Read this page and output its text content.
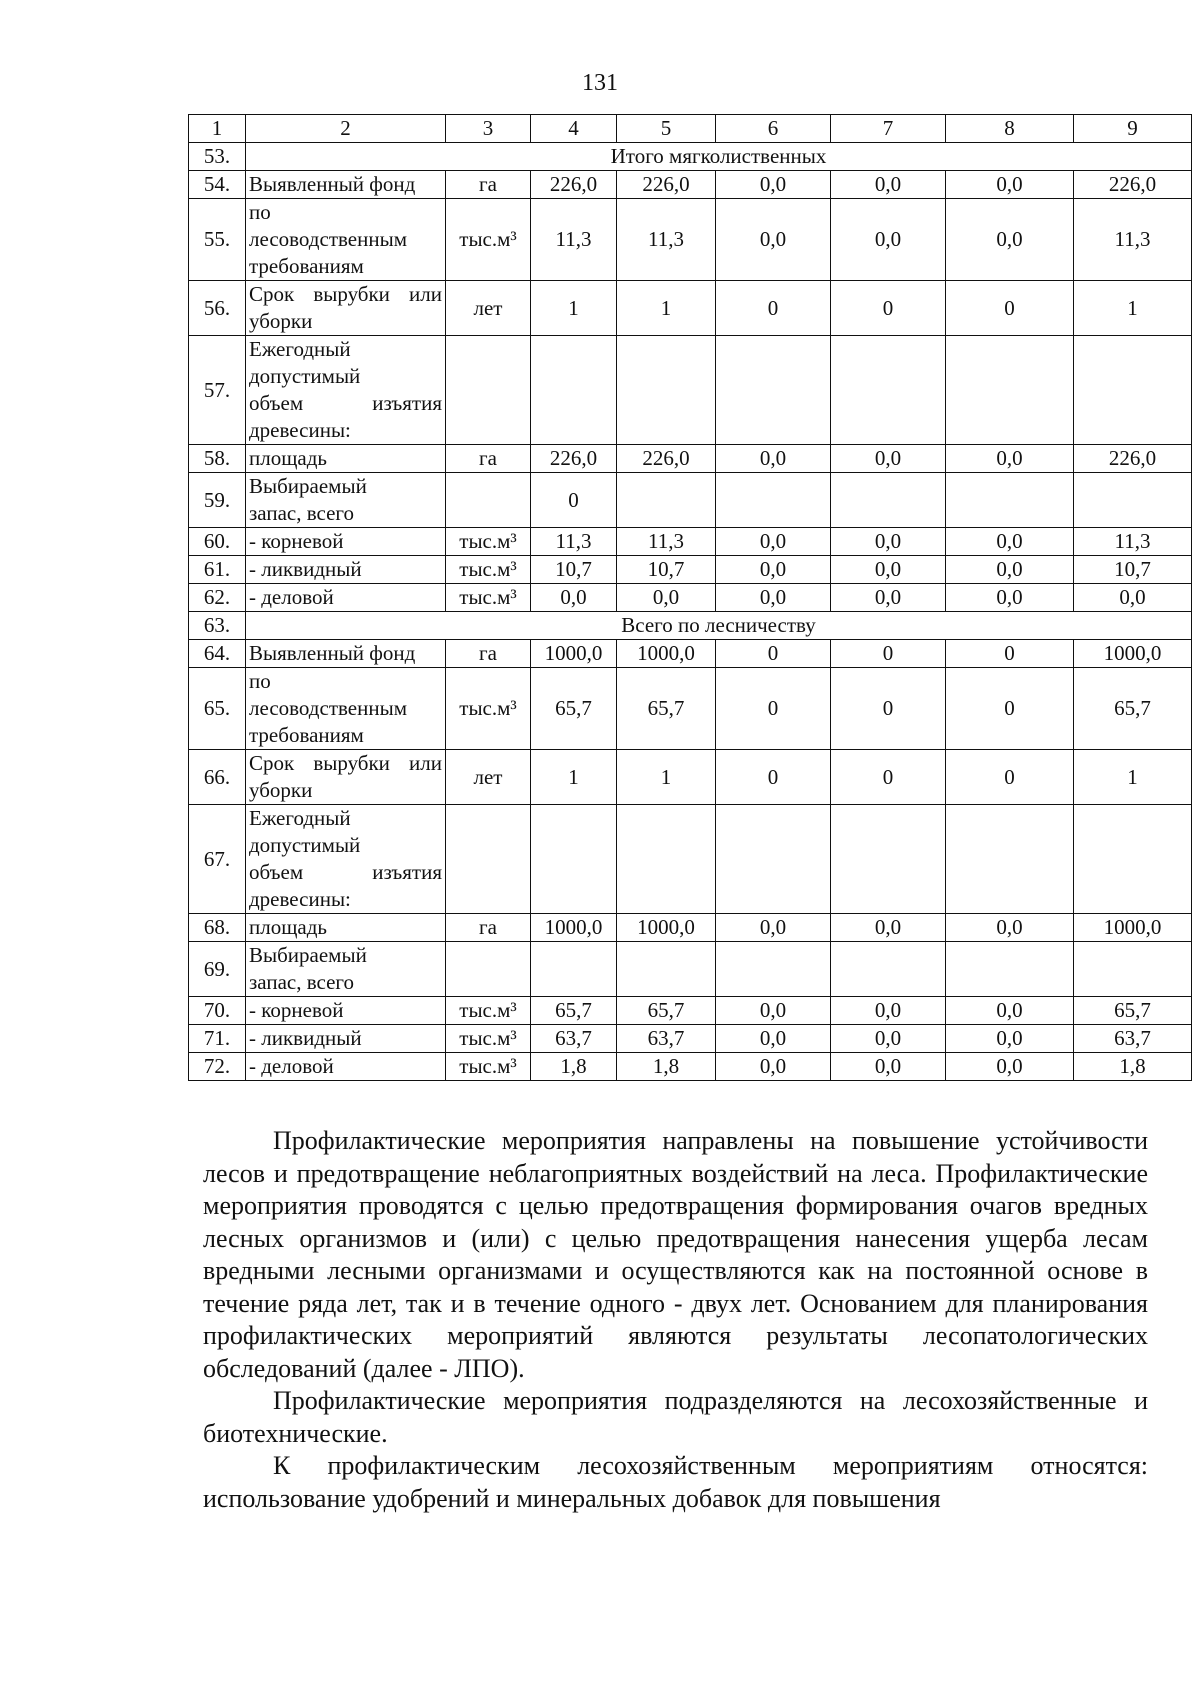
131
1	2	3	4	5	6	7	8	9
53.	Итого мягколиственных							
54.	Выявленный фонд	га	226,0	226,0	0,0	0,0	0,0	226,0
55.	по
лесоводственным
требованиям	тыс.м³	11,3	11,3	0,0	0,0	0,0	11,3
56.	Срок вырубки или
уборки	лет	1	1	0	0	0	1
57.	Ежегодный
допустимый
объем изъятия
древесины:							

58.	площадь	га	226,0	226,0	0,0	0,0	0,0	226,0
59.	Выбираемый
запас, всего		0					
60.	- корневой	тыс.м³	11,3	11,3	0,0	0,0	0,0	11,3
61.	- ликвидный	тыс.м³	10,7	10,7	0,0	0,0	0,0	10,7
62.	- деловой	тыс.м³	0,0	0,0	0,0	0,0	0,0	0,0
63.	Всего по лесничеству							
64.	Выявленный фонд	га	1000,0	1000,0	0	0	0	1000,0
65.	по
лесоводственным
требованиям	тыс.м³	65,7	65,7	0	0	0	65,7
66.	Срок вырубки или
уборки	лет	1	1	0	0	0	1
67.	Ежегодный
допустимый
объем изъятия
древесины:							

68.	площадь	га	1000,0	1000,0	0,0	0,0	0,0	1000,0
69.	Выбираемый
запас, всего							

70.	- корневой	тыс.м³	65,7	65,7	0,0	0,0	0,0	65,7
71.	- ликвидный	тыс.м³	63,7	63,7	0,0	0,0	0,0	63,7
72.	- деловой	тыс.м³	1,8	1,8	0,0	0,0	0,0	1,8

Профилактические мероприятия направлены на повышение устойчивости лесов и предотвращение неблагоприятных воздействий на леса. Профилактические мероприятия проводятся с целью предотвращения формирования очагов вредных лесных организмов и (или) с целью предотвращения нанесения ущерба лесам вредными лесными организмами и осуществляются как на постоянной основе в течение ряда лет, так и в течение одного - двух лет. Основанием для планирования профилактических мероприятий являются результаты лесопатологических обследований (далее - ЛПО).

Профилактические мероприятия подразделяются на лесохозяйственные и биотехнические.

К профилактическим лесохозяйственным мероприятиям относятся: использование удобрений и минеральных добавок для повышения
